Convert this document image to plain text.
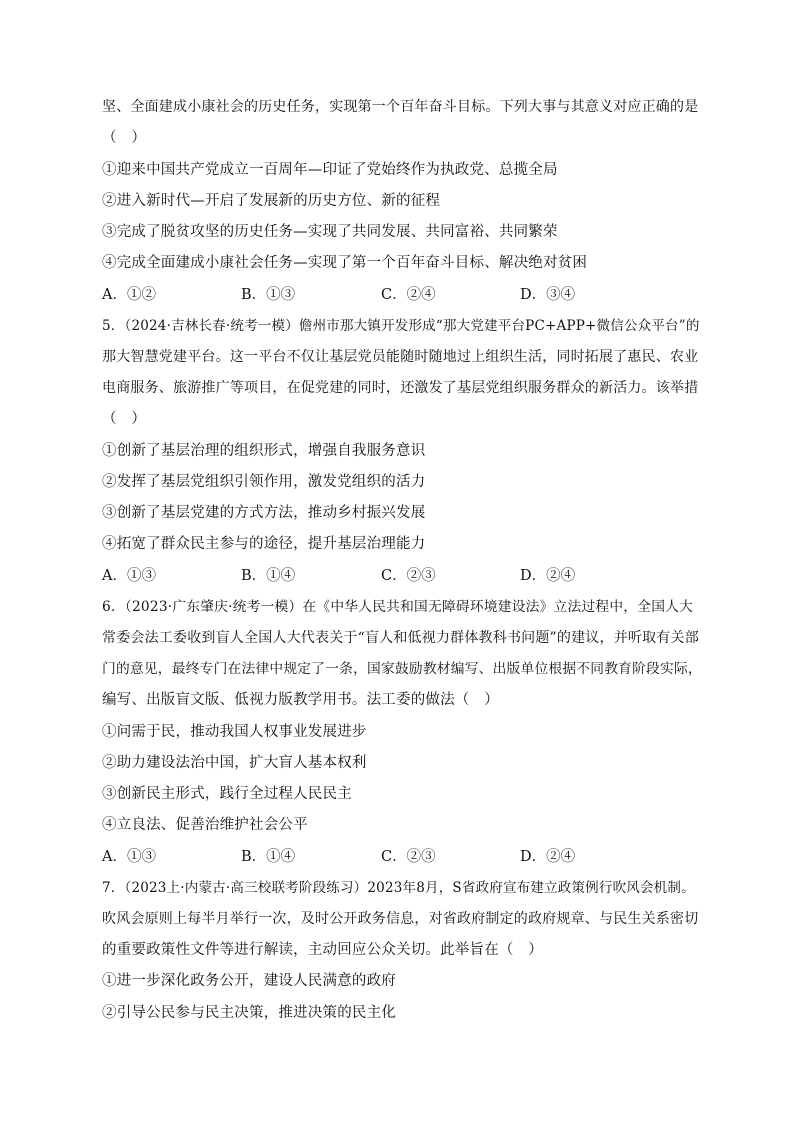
坚、全面建成小康社会的历史任务，实现第一个百年奋斗目标。下列大事与其意义对应正确的是
（　）
①迎来中国共产党成立一百周年—印证了党始终作为执政党、总揽全局
②进入新时代—开启了发展新的历史方位、新的征程
③完成了脱贫攻坚的历史任务—实现了共同发展、共同富裕、共同繁荣
④完成全面建成小康社会任务—实现了第一个百年奋斗目标、解决绝对贫困
A．①②	B．①③	C．②④	D．③④
5．（2024·吉林长春·统考一模）儋州市那大镇开发形成“那大党建平台PC+APP+微信公众平台”的
那大智慧党建平台。这一平台不仅让基层党员能随时随地过上组织生活，同时拓展了惠民、农业
电商服务、旅游推广等项目，在促党建的同时，还激发了基层党组织服务群众的新活力。该举措
（　）
①创新了基层治理的组织形式，增强自我服务意识
②发挥了基层党组织引领作用，激发党组织的活力
③创新了基层党建的方式方法，推动乡村振兴发展
④拓宽了群众民主参与的途径，提升基层治理能力
A．①③	B．①④	C．②③	D．②④
6．（2023·广东肇庆·统考一模）在《中华人民共和国无障碍环境建设法》立法过程中，全国人大
常委会法工委收到盲人全国人大代表关于“盲人和低视力群体教科书问题”的建议，并听取有关部
门的意见，最终专门在法律中规定了一条，国家鼓励教材编写、出版单位根据不同教育阶段实际，
编写、出版盲文版、低视力版教学用书。法工委的做法（　）
①问需于民，推动我国人权事业发展进步
②助力建设法治中国，扩大盲人基本权利
③创新民主形式，践行全过程人民民主
④立良法、促善治维护社会公平
A．①③	B．①④	C．②③	D．②④
7．（2023上·内蒙古·高三校联考阶段练习）2023年8月，S省政府宣布建立政策例行吹风会机制。
吹风会原则上每半月举行一次，及时公开政务信息，对省政府制定的政府规章、与民生关系密切
的重要政策性文件等进行解读，主动回应公众关切。此举旨在（　）
①进一步深化政务公开，建设人民满意的政府
②引导公民参与民主决策，推进决策的民主化
